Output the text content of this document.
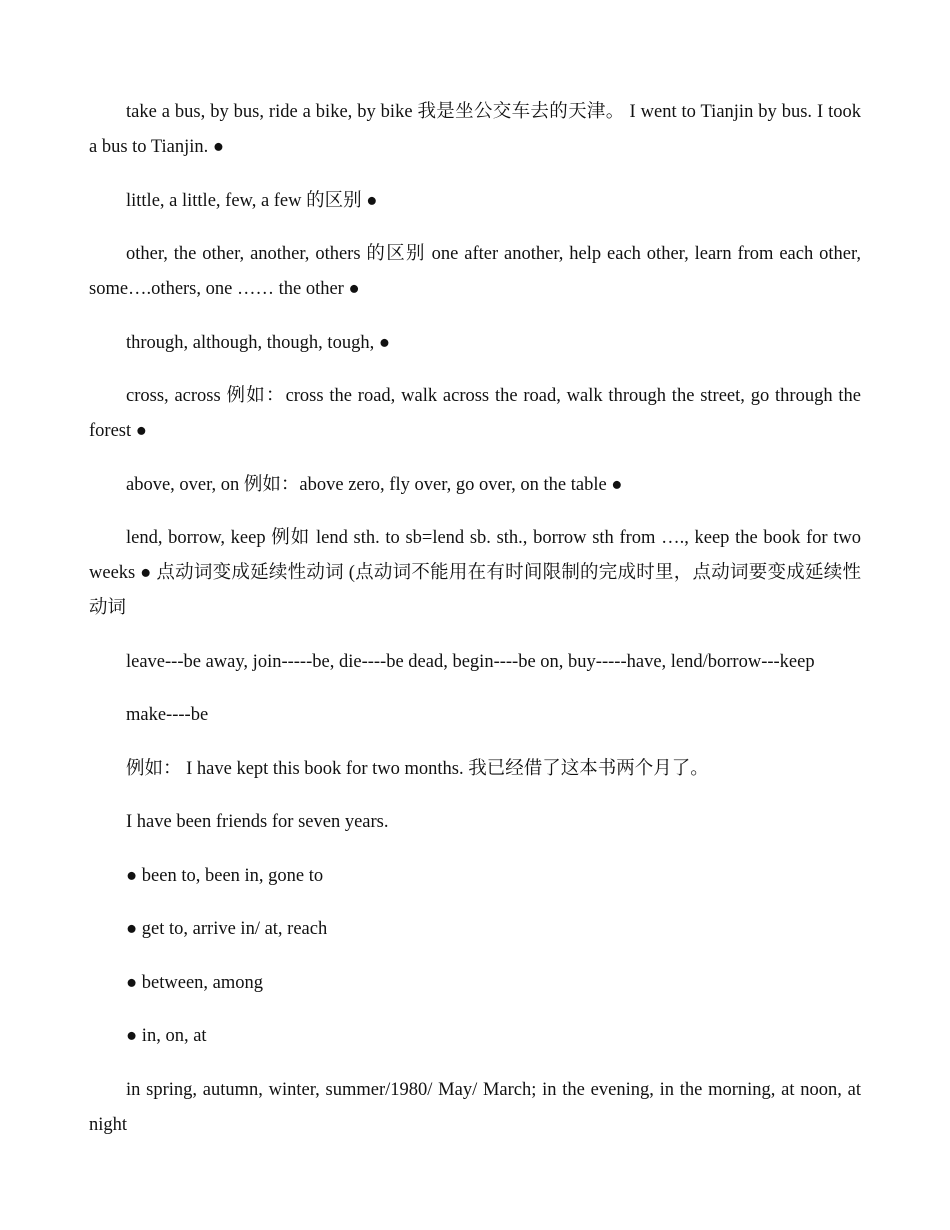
take a bus, by bus, ride a bike, by bike 我是坐公交车去的天津。 I went to Tianjin by bus. I took a bus to Tianjin. ●

little, a little, few, a few 的区别 ●

other, the other, another, others 的区别 one after another, help each other, learn from each other, some….others, one …… the other ●

through, although, though, tough, ●

cross, across 例如：cross the road, walk across the road, walk through the street, go through the forest ●

above, over, on 例如：above zero, fly over, go over, on the table ●

lend, borrow, keep 例如 lend sth. to sb=lend sb. sth., borrow sth from …., keep the book for two weeks ● 点动词变成延续性动词 (点动词不能用在有时间限制的完成时里，点动词要变成延续性动词

leave---be away, join-----be, die----be dead, begin----be on, buy-----have, lend/borrow---keep

make----be

例如： I have kept this book for two months. 我已经借了这本书两个月了。

I have been friends for seven years.

● been to, been in, gone to

● get to, arrive in/ at, reach

● between, among

● in, on, at

in spring, autumn, winter, summer/1980/ May/ March; in the evening, in the morning, at noon, at night
